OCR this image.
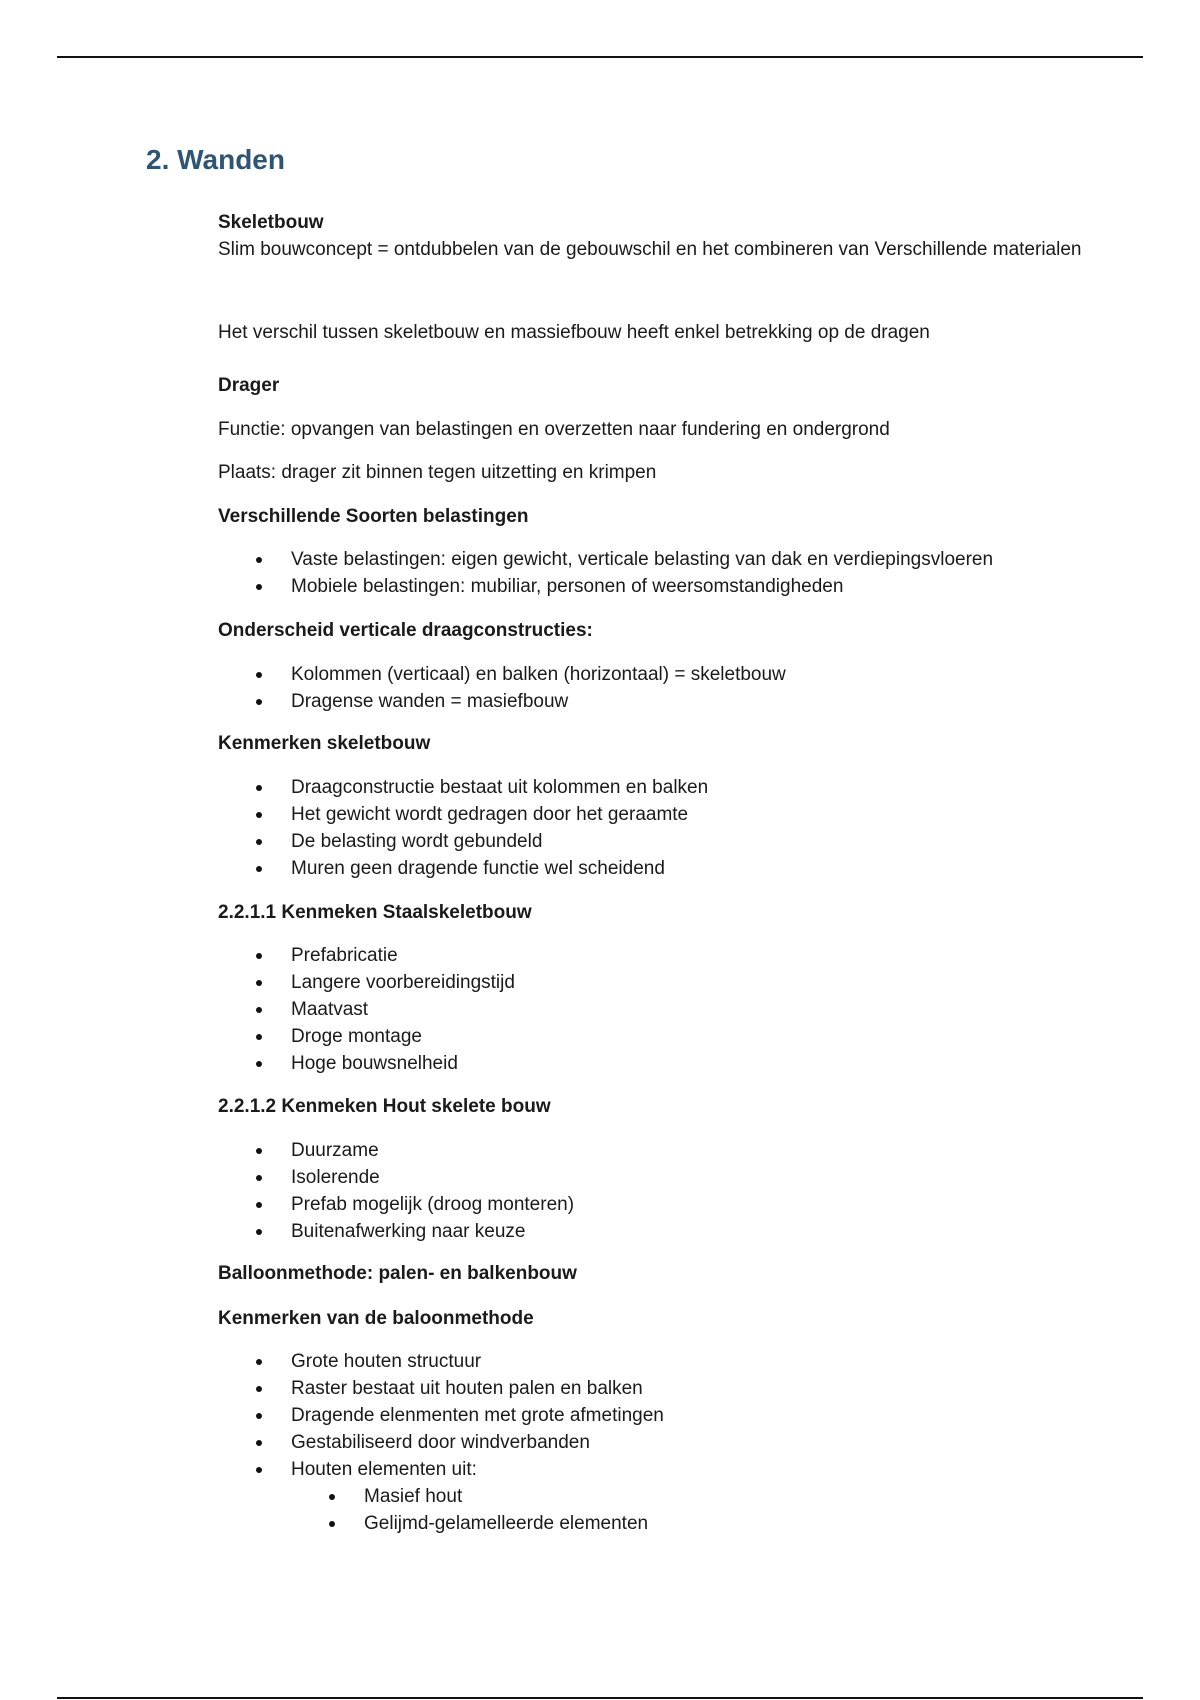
2. Wanden

Skeletbouw

Slim bouwconcept = ontdubbelen van de gebouwschil en het combineren van Verschillende materialen

Het verschil tussen skeletbouw en massiefbouw heeft enkel betrekking op de dragen

Drager

Functie: opvangen van belastingen en overzetten naar fundering en ondergrond

Plaats: drager zit binnen tegen uitzetting en krimpen

Verschillende Soorten belastingen

Vaste belastingen: eigen gewicht, verticale belasting van dak en verdiepingsvloeren
Mobiele belastingen: mubiliar, personen of weersomstandigheden

Onderscheid verticale draagconstructies:

Kolommen (verticaal) en balken (horizontaal) = skeletbouw
Dragense wanden = masiefbouw

Kenmerken skeletbouw

Draagconstructie bestaat uit kolommen en balken
Het gewicht wordt gedragen door het geraamte
De belasting wordt gebundeld
Muren geen dragende functie wel scheidend

2.2.1.1 Kenmeken Staalskeletbouw

Prefabricatie
Langere voorbereidingstijd
Maatvast
Droge montage
Hoge bouwsnelheid

2.2.1.2 Kenmeken Hout skelete bouw

Duurzame
Isolerende
Prefab mogelijk (droog monteren)
Buitenafwerking naar keuze

Balloonmethode: palen- en balkenbouw

Kenmerken van de baloonmethode

Grote houten structuur
Raster bestaat uit houten palen en balken
Dragende elenmenten met grote afmetingen
Gestabiliseerd door windverbanden
Houten elementen uit:
Masief hout
Gelijmd-gelamelleerde elementen
